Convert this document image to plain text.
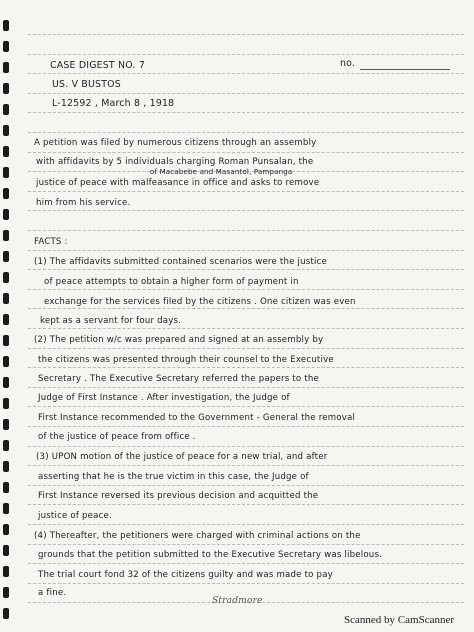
CASE DIGEST NO. 7	no.
US. V BUSTOS
L-12592 , March 8 , 1918
A petition was filed by numerous citizens through an assembly
with affidavits by 5 individuals charging Roman Punsalan, the
of Macabebe and Masantol, Pampanga
justice of peace with malfeasance in office and asks to remove
him from his service.
FACTS :
(1) The affidavits submitted contained scenarios were the justice
of peace attempts to obtain a higher form of payment in
exchange for the services filed by the citizens . One citizen was even
kept as a servant for four days.
(2) The petition w/c was prepared and signed at an assembly by
the citizens was presented through their counsel to the Executive
Secretary . The Executive Secretary referred the papers to the
Judge of First Instance . After investigation, the Judge of
First Instance recommended to the Government - General the removal
of the justice of peace from office .
(3) UPON motion of the justice of peace for a new trial, and after
asserting that he is the true victim in this case, the Judge of
First Instance reversed its previous decision and acquitted the
justice of peace.
(4) Thereafter, the petitioners were charged with criminal actions on the
grounds that the petition submitted to the Executive Secretary was libelous.
The trial court fond 32 of the citizens guilty and was made to pay
a fine.
Stradmore
Scanned by CamScanner
